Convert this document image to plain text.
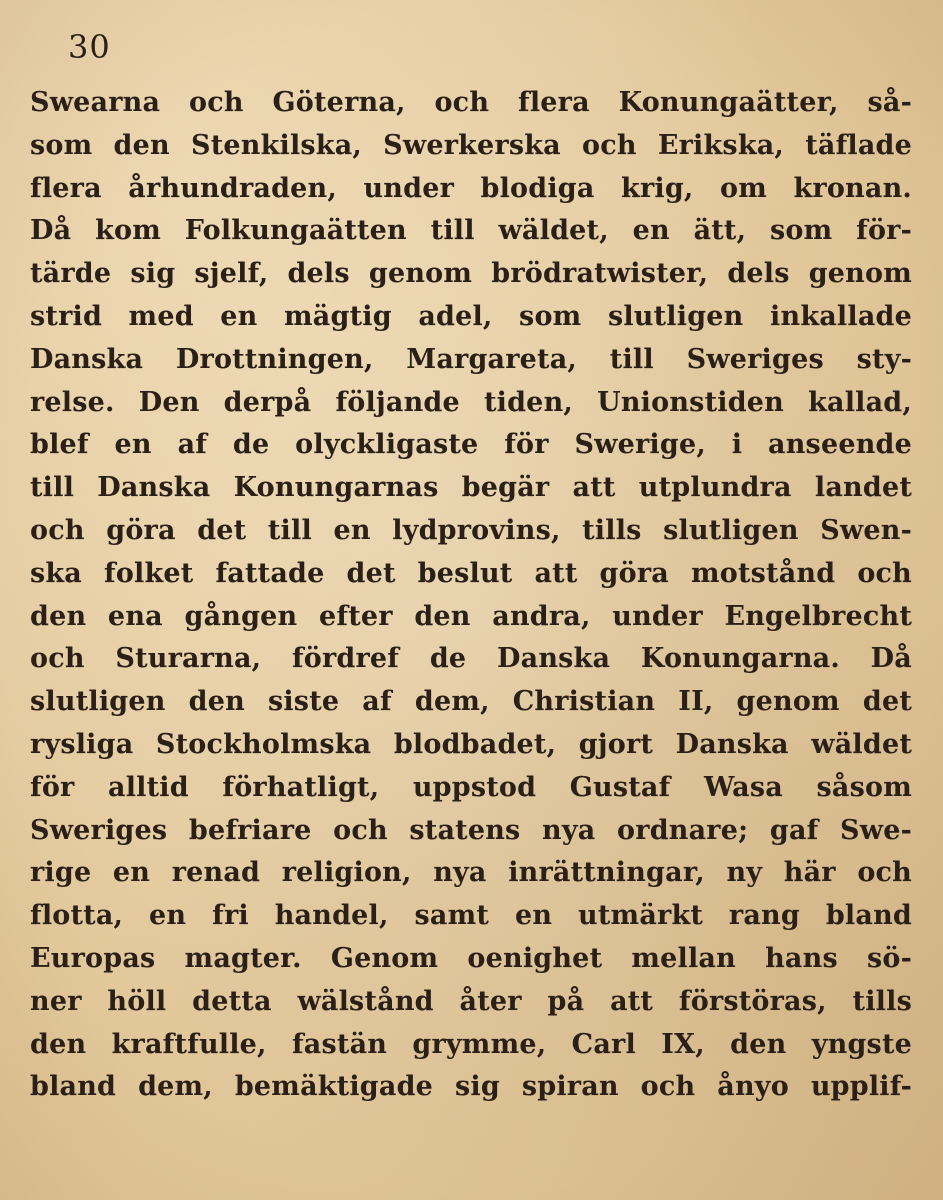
30
Swearna och Göterna, och flera Konungaätter, så-
som den Stenkilska, Swerkerska och Erikska, täflade
flera århundraden, under blodiga krig, om kronan.
Då kom Folkungaätten till wäldet, en ätt, som för-
tärde sig sjelf, dels genom brödratwister, dels genom
strid med en mägtig adel, som slutligen inkallade
Danska Drottningen, Margareta, till Sweriges sty-
relse. Den derpå följande tiden, Unionstiden kallad,
blef en af de olyckligaste för Swerige, i anseende
till Danska Konungarnas begär att utplundra landet
och göra det till en lydprovins, tills slutligen Swen-
ska folket fattade det beslut att göra motstånd och
den ena gången efter den andra, under Engelbrecht
och Sturarna, fördref de Danska Konungarna. Då
slutligen den siste af dem, Christian II, genom det
rysliga Stockholmska blodbadet, gjort Danska wäldet
för alltid förhatligt, uppstod Gustaf Wasa såsom
Sweriges befriare och statens nya ordnare; gaf Swe-
rige en renad religion, nya inrättningar, ny här och
flotta, en fri handel, samt en utmärkt rang bland
Europas magter. Genom oenighet mellan hans sö-
ner höll detta wälstånd åter på att förstöras, tills
den kraftfulle, fastän grymme, Carl IX, den yngste
bland dem, bemäktigade sig spiran och ånyo upplif-
